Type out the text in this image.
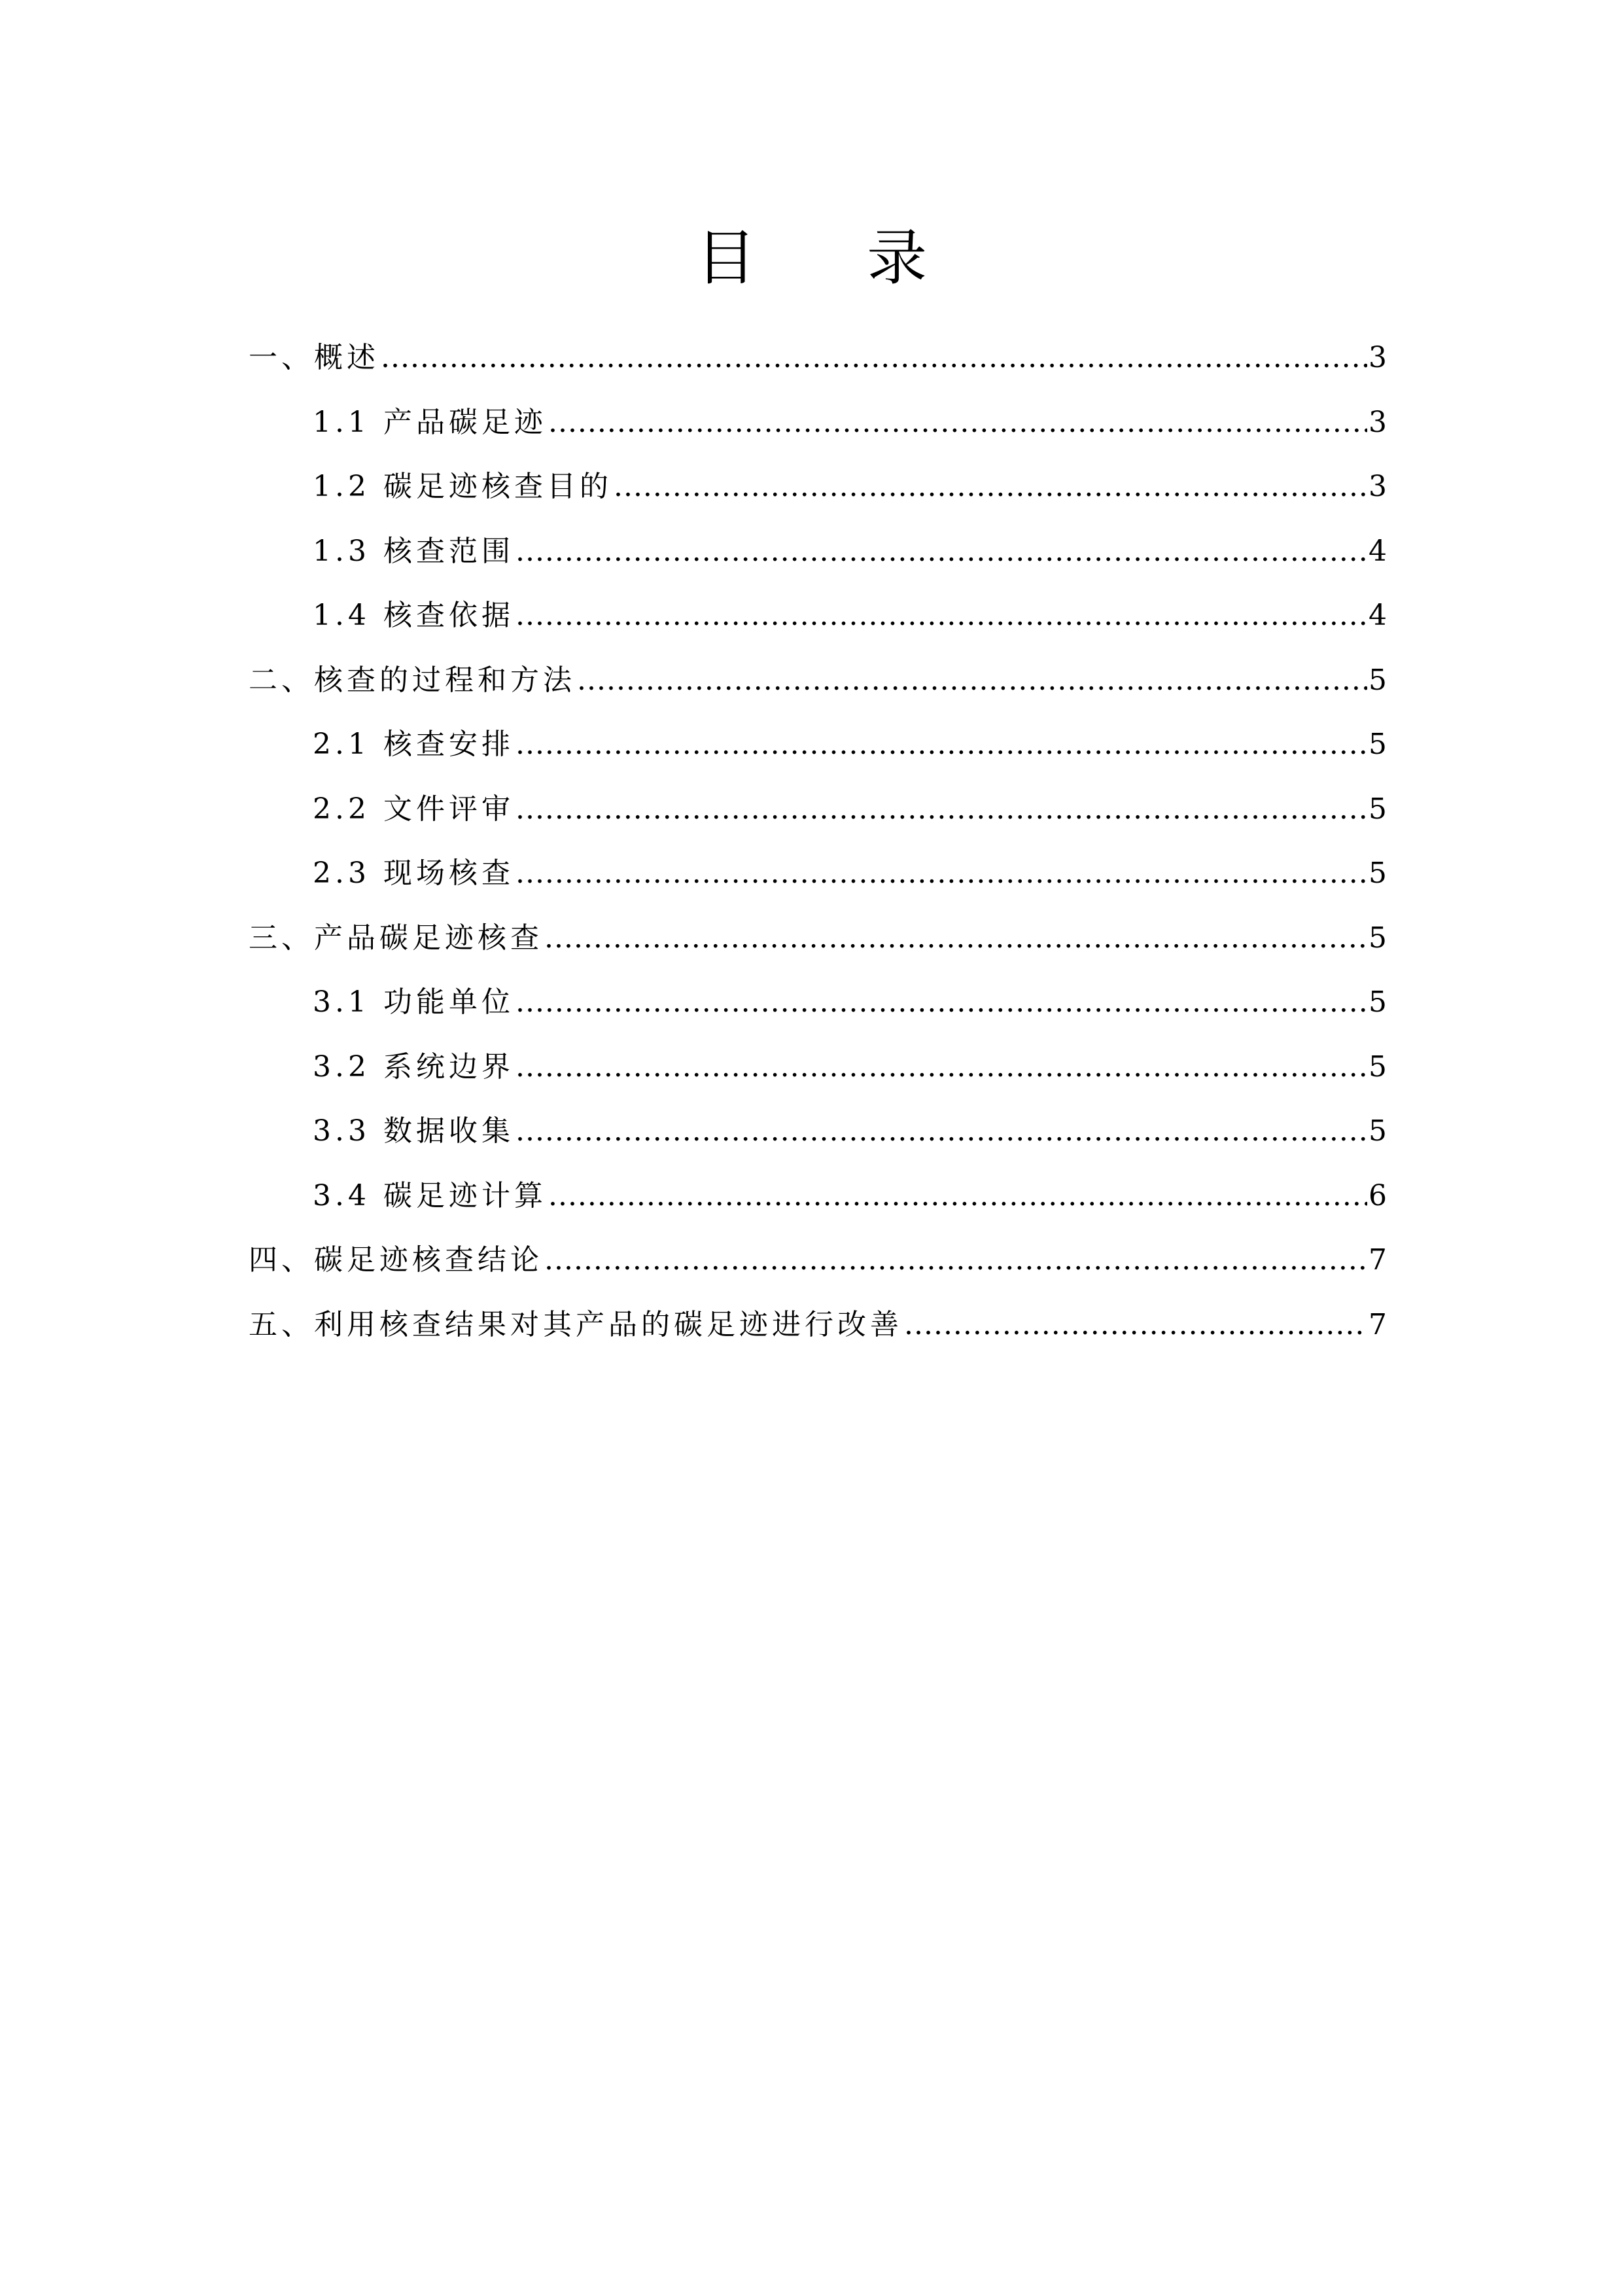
目 录
一、概述 .....	3
1.1 产品碳足迹 .....	3
1.2 碳足迹核查目的 .....	3
1.3 核查范围 .....	4
1.4 核查依据 .....	4
二、核查的过程和方法 .....	5
2.1 核查安排 .....	5
2.2 文件评审 .....	5
2.3 现场核查 .....	5
三、产品碳足迹核查 .....	5
3.1 功能单位 .....	5
3.2 系统边界 .....	5
3.3 数据收集 .....	5
3.4 碳足迹计算 .....	6
四、碳足迹核查结论 .....	7
五、利用核查结果对其产品的碳足迹进行改善 .....	7
